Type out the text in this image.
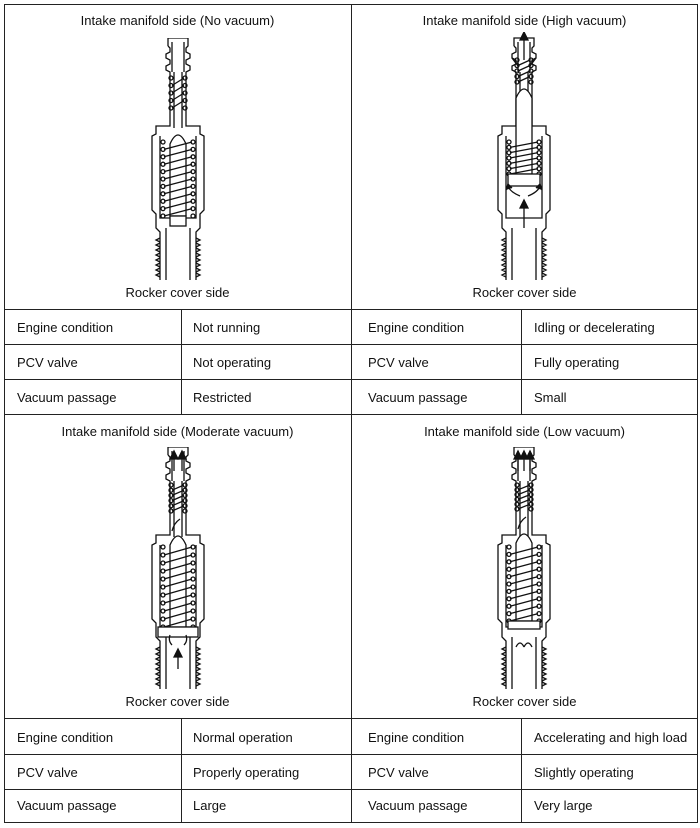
Intake manifold side (No vacuum)	Intake manifold side (High vacuum)
Rocker cover side	Rocker cover side
Intake manifold side (Moderate vacuum)	Intake manifold side (Low vacuum)
Rocker cover side	Rocker cover side
Engine condition	Not running
PCV valve	Not operating
Vacuum passage	Restricted
Engine condition	Idling or decelerating
PCV valve	Fully operating
Vacuum passage	Small
Engine condition	Normal operation
PCV valve	Properly operating
Vacuum passage	Large
Engine condition	Accelerating and high load
PCV valve	Slightly operating
Vacuum passage	Very large
